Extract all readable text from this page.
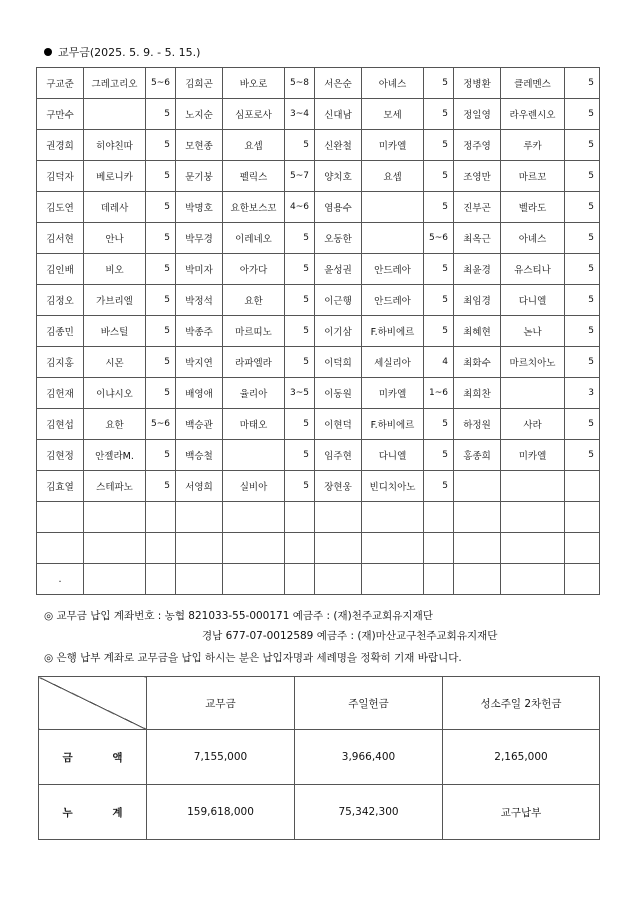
교무금(2025. 5. 9. - 5. 15.)
구교준	그레고리오	5~6	김희곤	바오로	5~8	서은순	아녜스	5	정병환	클레멘스	5
구만수		5	노지순	심포로사	3~4	신대남	모세	5	정일영	라우렌시오	5
권경희	히야친따	5	모현종	요셉	5	신완철	미카엘	5	정주영	루카	5
김덕자	베로니카	5	문기붕	펠릭스	5~7	양치호	요셉	5	조영만	마르꼬	5
김도연	데레사	5	박명호	요한보스꼬	4~6	염용수		5	진부곤	벨라도	5
김서현	안나	5	박무경	이레네오	5	오동한		5~6	최옥근	아녜스	5
김인배	비오	5	박미자	아가다	5	윤성권	안드레아	5	최윤경	유스티나	5
김정오	가브리엘	5	박정석	요한	5	이근행	안드레아	5	최임경	다니엘	5
김종민	바스틸	5	박종주	마르띠노	5	이기삼	F.하비에르	5	최혜현	논나	5
김지홍	시몬	5	박지연	라파엘라	5	이덕희	세실리아	4	최화수	마르치아노	5
김헌재	이냐시오	5	배영애	율리아	3~5	이동원	미카엘	1~6	최희찬		3
김현섭	요한	5~6	백승관	마태오	5	이현덕	F.하비에르	5	하정원	사라	5
김현정	안젤라M.	5	백승철		5	임주현	다니엘	5	홍종희	미카엘	5
김효열	스테파노	5	서영희	실비아	5	장현웅	빈디치아노	5			

.											
◎ 교무금 납입 계좌번호 : 농협 821033-55-000171 예금주 : (재)천주교회유지재단
경남 677-07-0012589 예금주 : (재)마산교구천주교회유지재단
◎ 은행 납부 계좌로 교무금을 납입 하시는 분은 납입자명과 세례명을 정확히 기재 바랍니다.
	교무금	주일헌금	성소주일 2차헌금
금 액	7,155,000	3,966,400	2,165,000
누 계	159,618,000	75,342,300	교구납부
